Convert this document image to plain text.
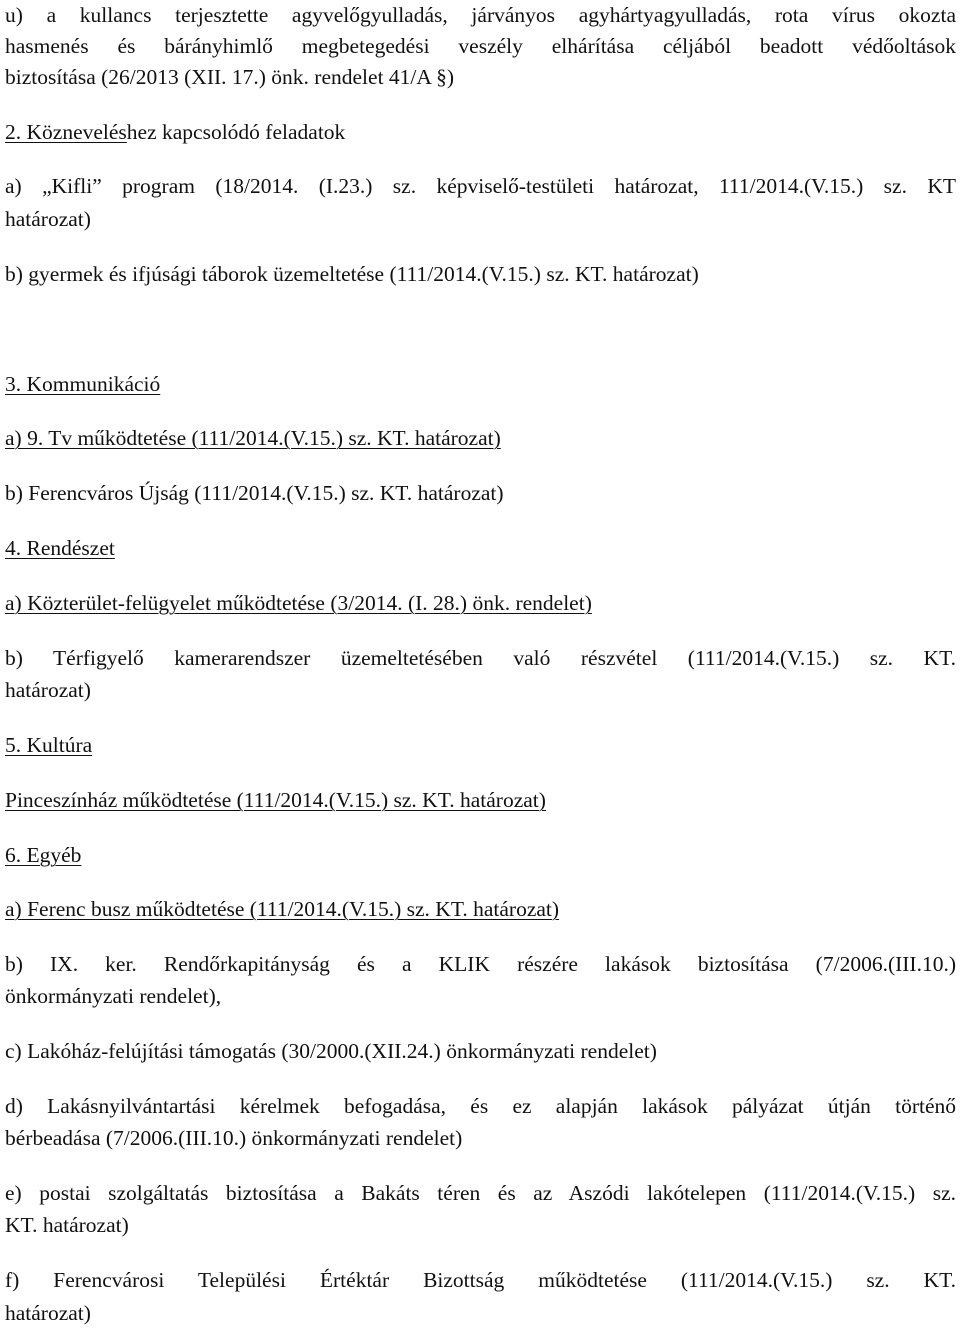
u) a kullancs terjesztette agyvelőgyulladás, járványos agyhártyagyulladás, rota vírus okozta
hasmenés és bárányhimlő megbetegedési veszély elhárítása céljából beadott védőoltások
biztosítása (26/2013 (XII. 17.) önk. rendelet 41/A §)
2. Közneveléshez kapcsolódó feladatok
a) „Kifli” program (18/2014. (I.23.) sz. képviselő-testületi határozat, 111/2014.(V.15.) sz. KT
határozat)
b) gyermek és ifjúsági táborok üzemeltetése (111/2014.(V.15.) sz. KT. határozat)
3. Kommunikáció
a) 9. Tv működtetése (111/2014.(V.15.) sz. KT. határozat)
b) Ferencváros Újság (111/2014.(V.15.) sz. KT. határozat)
4. Rendészet
a) Közterület-felügyelet működtetése (3/2014. (I. 28.) önk. rendelet)
b) Térfigyelő kamerarendszer üzemeltetésében való részvétel (111/2014.(V.15.) sz. KT.
határozat)
5. Kultúra
Pinceszínház működtetése (111/2014.(V.15.) sz. KT. határozat)
6. Egyéb
a) Ferenc busz működtetése (111/2014.(V.15.) sz. KT. határozat)
b) IX. ker. Rendőrkapitányság és a KLIK részére lakások biztosítása (7/2006.(III.10.)
önkormányzati rendelet),
c) Lakóház-felújítási támogatás (30/2000.(XII.24.) önkormányzati rendelet)
d) Lakásnyilvántartási kérelmek befogadása, és ez alapján lakások pályázat útján történő
bérbeadása (7/2006.(III.10.) önkormányzati rendelet)
e) postai szolgáltatás biztosítása a Bakáts téren és az Aszódi lakótelepen (111/2014.(V.15.) sz.
KT. határozat)
f) Ferencvárosi Települési Értéktár Bizottság működtetése (111/2014.(V.15.) sz. KT.
határozat)
